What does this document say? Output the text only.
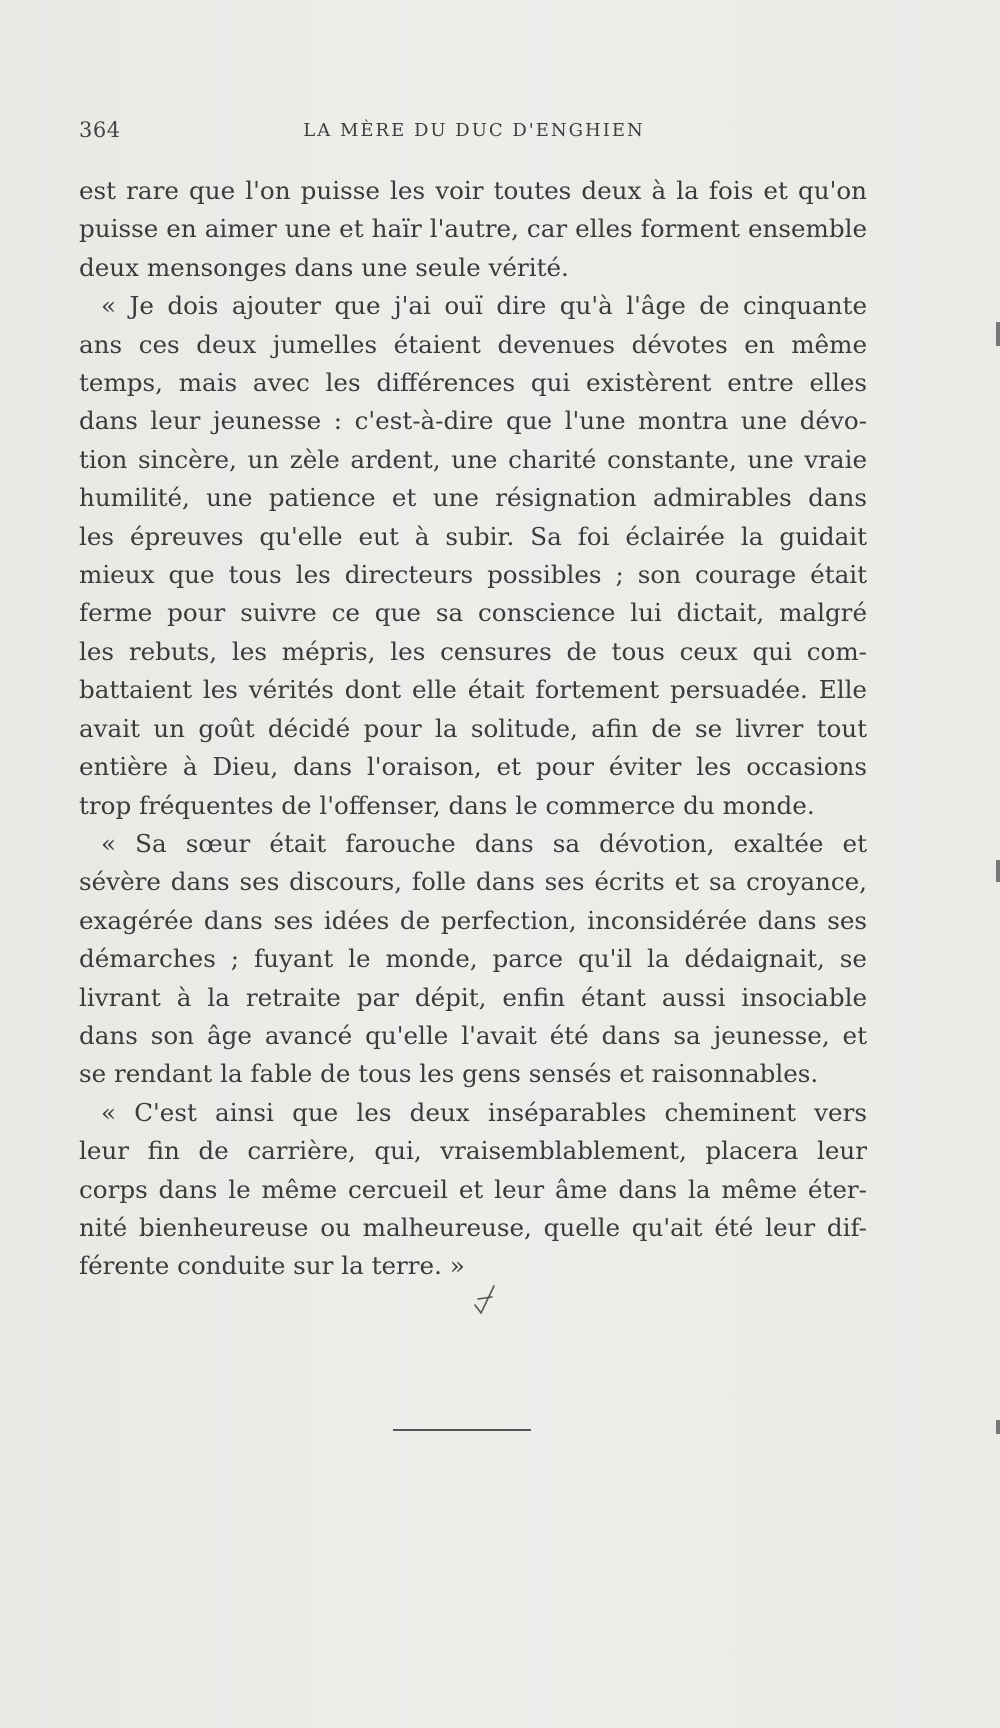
364	LA MÈRE DU DUC D'ENGHIEN

est rare que l'on puisse les voir toutes deux à la fois et qu'on
puisse en aimer une et haïr l'autre, car elles forment ensemble
deux mensonges dans une seule vérité.

« Je dois ajouter que j'ai ouï dire qu'à l'âge de cinquante
ans ces deux jumelles étaient devenues dévotes en même
temps, mais avec les différences qui existèrent entre elles
dans leur jeunesse : c'est-à-dire que l'une montra une dévo-
tion sincère, un zèle ardent, une charité constante, une vraie
humilité, une patience et une résignation admirables dans
les épreuves qu'elle eut à subir. Sa foi éclairée la guidait
mieux que tous les directeurs possibles ; son courage était
ferme pour suivre ce que sa conscience lui dictait, malgré
les rebuts, les mépris, les censures de tous ceux qui com-
battaient les vérités dont elle était fortement persuadée. Elle
avait un goût décidé pour la solitude, afin de se livrer tout
entière à Dieu, dans l'oraison, et pour éviter les occasions
trop fréquentes de l'offenser, dans le commerce du monde.

« Sa sœur était farouche dans sa dévotion, exaltée et
sévère dans ses discours, folle dans ses écrits et sa croyance,
exagérée dans ses idées de perfection, inconsidérée dans ses
démarches ; fuyant le monde, parce qu'il la dédaignait, se
livrant à la retraite par dépit, enfin étant aussi insociable
dans son âge avancé qu'elle l'avait été dans sa jeunesse, et
se rendant la fable de tous les gens sensés et raisonnables.

« C'est ainsi que les deux inséparables cheminent vers
leur fin de carrière, qui, vraisemblablement, placera leur
corps dans le même cercueil et leur âme dans la même éter-
nité bienheureuse ou malheureuse, quelle qu'ait été leur dif-
férente conduite sur la terre. »
